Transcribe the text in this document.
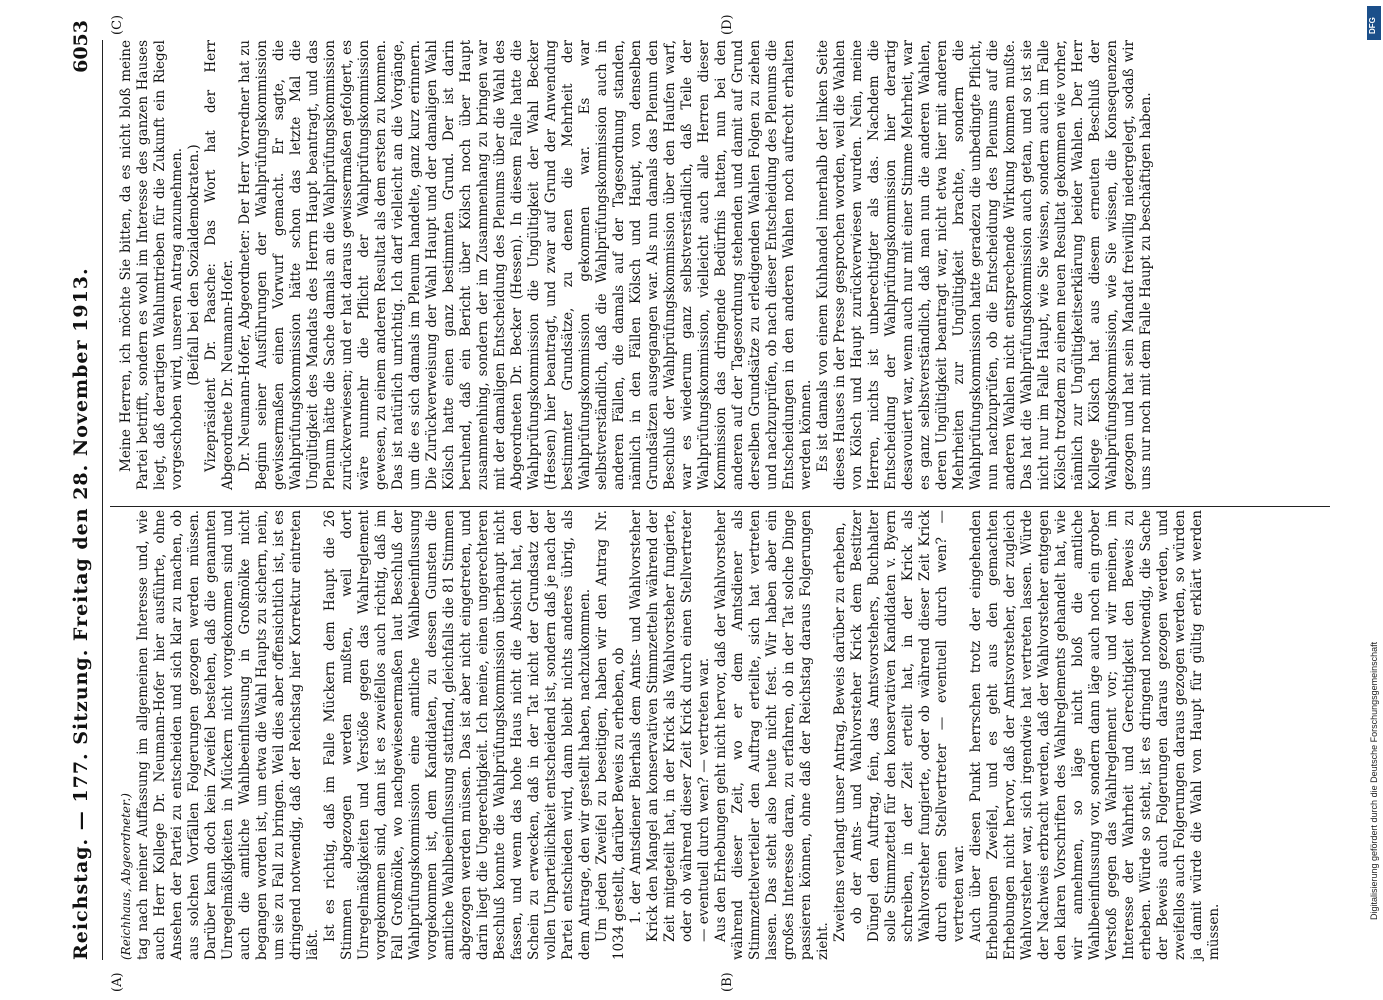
Reichstag. — 177. Sitzung. Freitag den 28. November 1913.
6053
(A)	(B)
(C)	(D)

(Reichhaus, Abgeordneter.) tag nach meiner Auffassung im allgemeinen Interesse und, wie auch Herr Kollege Dr. Neumann-Hofer hier ausführte, ohne Ansehen der Partei zu entscheiden und sich klar zu machen, ob aus solchen Vorfällen Folgerungen gezogen werden müssen. Darüber kann doch kein Zweifel bestehen, daß die genannten Unregelmäßigkeiten in Mückern nicht vorgekommen sind und auch die amtliche Wahlbeeinflussung in Großmölke nicht begangen worden ist, um etwa die Wahl Haupts zu sichern, nein, um sie zu Fall zu bringen. Weil dies aber offensichtlich ist, ist es dringend notwendig, daß der Reichstag hier Korrektur eintreten läßt.

Ist es richtig, daß im Falle Mückern dem Haupt die 26 Stimmen abgezogen werden mußten, weil dort Unregelmäßigkeiten und Verstöße gegen das Wahlreglement vorgekommen sind, dann ist es zweifellos auch richtig, daß im Fall Großmölke, wo nachgewiesenermaßen laut Beschluß der Wahlprüfungskommission eine amtliche Wahlbeeinflussung vorgekommen ist, dem Kandidaten, zu dessen Gunsten die amtliche Wahlbeeinflussung stattfand, gleichfalls die 81 Stimmen abgezogen werden müssen. Das ist aber nicht eingetreten, und darin liegt die Ungerechtigkeit. Ich meine, einen ungerechteren Beschluß konnte die Wahlprüfungskommission überhaupt nicht fassen, und wenn das hohe Haus nicht die Absicht hat, den Schein zu erwecken, daß in der Tat nicht der Grundsatz der vollen Unparteilichkeit entscheidend ist, sondern daß je nach der Partei entschieden wird, dann bleibt nichts anderes übrig, als dem Antrage, den wir gestellt haben, nachzukommen. Um jeden Zweifel zu beseitigen, haben wir den Antrag Nr. 1034 gestellt, darüber Beweis zu erheben, ob 1. der Amtsdiener Bierhals dem Amts- und Wahlvorsteher Krick den Mangel an konservativen Stimmzetteln während der Zeit mitgeteilt hat, in der Krick als Wahlvorsteher fungierte, oder ob während dieser Zeit Krick durch einen Stellvertreter — eventuell durch wen? — vertreten war. Aus den Erhebungen geht nicht hervor, daß der Wahlvorsteher während dieser Zeit, wo er dem Amtsdiener als Stimmzettelverteiler den Auftrag erteilte, sich hat vertreten lassen. Das steht also heute nicht fest. Wir haben aber ein großes Interesse daran, zu erfahren, ob in der Tat solche Dinge passieren können, ohne daß der Reichstag daraus Folgerungen zieht. Zweitens verlangt unser Antrag, Beweis darüber zu erheben, ob der Amts- und Wahlvorsteher Krick dem Bestitzer Düngel den Auftrag, fein, das Amtsvorstehers, Buchhalter solle Stimmzettel für den konservativen Kandidaten v. Byern schreiben, in der Zeit erteilt hat, in der Krick als Wahlvorsteher fungierte, oder ob während dieser Zeit Krick durch einen Stellvertreter — eventuell durch wen? — vertreten war. Auch über diesen Punkt herrschen trotz der eingehenden Erhebungen Zweifel, und es geht aus den gemachten Erhebungen nicht hervor, daß der Amtsvorsteher, der zugleich Wahlvorsteher war, sich irgendwie hat vertreten lassen. Würde der Nachweis erbracht werden, daß der Wahlvorsteher entgegen den klaren Vorschriften des Wahlreglements gehandelt hat, wie wir annehmen, so läge nicht bloß die amtliche Wahlbeeinflussung vor, sondern dann läge auch noch ein grober Verstoß gegen das Wahlreglement vor; und wir meinen, im Interesse der Wahrheit und Gerechtigkeit den Beweis zu erheben. Würde so steht, ist es dringend notwendig, die Sache der Beweis auch Folgerungen daraus gezogen werden, und zweifellos auch Folgerungen daraus gezogen werden, so würden ja damit würde die Wahl von Haupt für gültig erklärt werden müssen.

Meine Herren, ich möchte Sie bitten, da es nicht bloß meine Partei betrifft, sondern es wohl im Interesse des ganzen Hauses liegt, daß derartigen Wahlumtrieben für die Zukunft ein Riegel vorgeschoben wird, unseren Antrag anzunehmen. (Beifall bei den Sozialdemokraten.) Vizepräsident Dr. Paasche: Das Wort hat der Herr Abgeordnete Dr. Neumann-Hofer. Dr. Neumann-Hofer, Abgeordneter: Der Herr Vorredner hat zu Beginn seiner Ausführungen der Wahlprüfungskommission gewissermaßen einen Vorwurf gemacht. Er sagte, die Wahlprüfungskommission hätte schon das letzte Mal die Ungültigkeit des Mandats des Herrn Haupt beantragt, und das Plenum hätte die Sache damals an die Wahlprüfungskommission zurückverwiesen; und er hat daraus gewissermaßen gefolgert, es wäre nunmehr die Pflicht der Wahlprüfungskommission gewesen, zu einem anderen Resultat als dem ersten zu kommen. Das ist natürlich unrichtig. Ich darf vielleicht an die Vorgänge, um die es sich damals im Plenum handelte, ganz kurz erinnern. Die Zurückverweisung der Wahl Haupt und der damaligen Wahl Kölsch hatte einen ganz bestimmten Grund. Der ist darin beruhend, daß ein Bericht über Kölsch noch über Haupt zusammenhing, sondern der im Zusammenhang zu bringen war mit der damaligen Entscheidung des Plenums über die Wahl des Abgeordneten Dr. Becker (Hessen). In diesem Falle hatte die Wahlprüfungskommission die Ungültigkeit der Wahl Becker (Hessen) hier beantragt, und zwar auf Grund der Anwendung bestimmter Grundsätze, zu denen die Mehrheit der Wahlprüfungskommission gekommen war. Es war selbstverständlich, daß die Wahlprüfungskommission auch in anderen Fällen, die damals auf der Tagesordnung standen, nämlich in den Fällen Kölsch und Haupt, von denselben Grundsätzen ausgegangen war. Als nun damals das Plenum den Beschluß der Wahlprüfungskommission über den Haufen warf, war es wiederum ganz selbstverständlich, daß Teile der Wahlprüfungskommission, vielleicht auch alle Herren dieser Kommission das dringende Bedürfnis hatten, nun bei den anderen auf der Tagesordnung stehenden und damit auf Grund derselben Grundsätze zu erledigenden Wahlen Folgen zu ziehen und nachzuprüfen, ob nach dieser Entscheidung des Plenums die Entscheidungen in den anderen Wahlen noch aufrecht erhalten werden können. Es ist damals von einem Kuhhandel innerhalb der linken Seite dieses Hauses in der Presse gesprochen worden, weil die Wahlen von Kölsch und Haupt zurückverwiesen wurden. Nein, meine Herren, nichts ist unberechtigter als das. Nachdem die Entscheidung der Wahlprüfungskommission hier derartig desavouiert war, wenn auch nur mit einer Stimme Mehrheit, war es ganz selbstverständlich, daß man nun die anderen Wahlen, deren Ungültigkeit beantragt war, nicht etwa hier mit anderen Mehrheiten zur Ungültigkeit brachte, sondern die Wahlprüfungskommission hatte geradezu die unbedingte Pflicht, nun nachzuprüfen, ob die Entscheidung des Plenums auf die anderen Wahlen nicht entsprechende Wirkung kommen mußte. Das hat die Wahlprüfungskommission auch getan, und so ist sie nicht nur im Falle Haupt, wie Sie wissen, sondern auch im Falle Kölsch trotzdem zu einem neuen Resultat gekommen wie vorher, nämlich zur Ungültigkeitserklärung beider Wahlen. Der Herr Kollege Kölsch hat aus diesem erneuten Beschluß der Wahlprüfungskommission, wie Sie wissen, die Konsequenzen gezogen und hat sein Mandat freiwillig niedergelegt, sodaß wir uns nur noch mit dem Falle Haupt zu beschäftigen haben.

DFG
Digitalisierung gefördert durch die Deutsche Forschungsgemeinschaft
